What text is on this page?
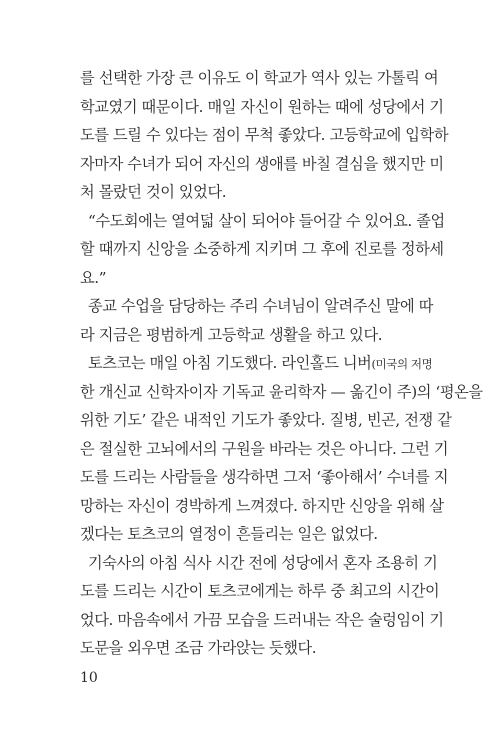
를 선택한 가장 큰 이유도 이 학교가 역사 있는 가톨릭 여
학교였기 때문이다. 매일 자신이 원하는 때에 성당에서 기
도를 드릴 수 있다는 점이 무척 좋았다. 고등학교에 입학하
자마자 수녀가 되어 자신의 생애를 바칠 결심을 했지만 미
처 몰랐던 것이 있었다.
“수도회에는 열여덟 살이 되어야 들어갈 수 있어요. 졸업
할 때까지 신앙을 소중하게 지키며 그 후에 진로를 정하세
요.”
종교 수업을 담당하는 주리 수녀님이 알려주신 말에 따
라 지금은 평범하게 고등학교 생활을 하고 있다.
토츠코는 매일 아침 기도했다. 라인홀드 니버(미국의 저명
한 개신교 신학자이자 기독교 윤리학자 — 옮긴이 주)의 ‘평온을
위한 기도’ 같은 내적인 기도가 좋았다. 질병, 빈곤, 전쟁 같
은 절실한 고뇌에서의 구원을 바라는 것은 아니다. 그런 기
도를 드리는 사람들을 생각하면 그저 ‘좋아해서’ 수녀를 지
망하는 자신이 경박하게 느껴졌다. 하지만 신앙을 위해 살
겠다는 토츠코의 열정이 흔들리는 일은 없었다.
기숙사의 아침 식사 시간 전에 성당에서 혼자 조용히 기
도를 드리는 시간이 토츠코에게는 하루 중 최고의 시간이
었다. 마음속에서 가끔 모습을 드러내는 작은 술렁임이 기
도문을 외우면 조금 가라앉는 듯했다.
10
